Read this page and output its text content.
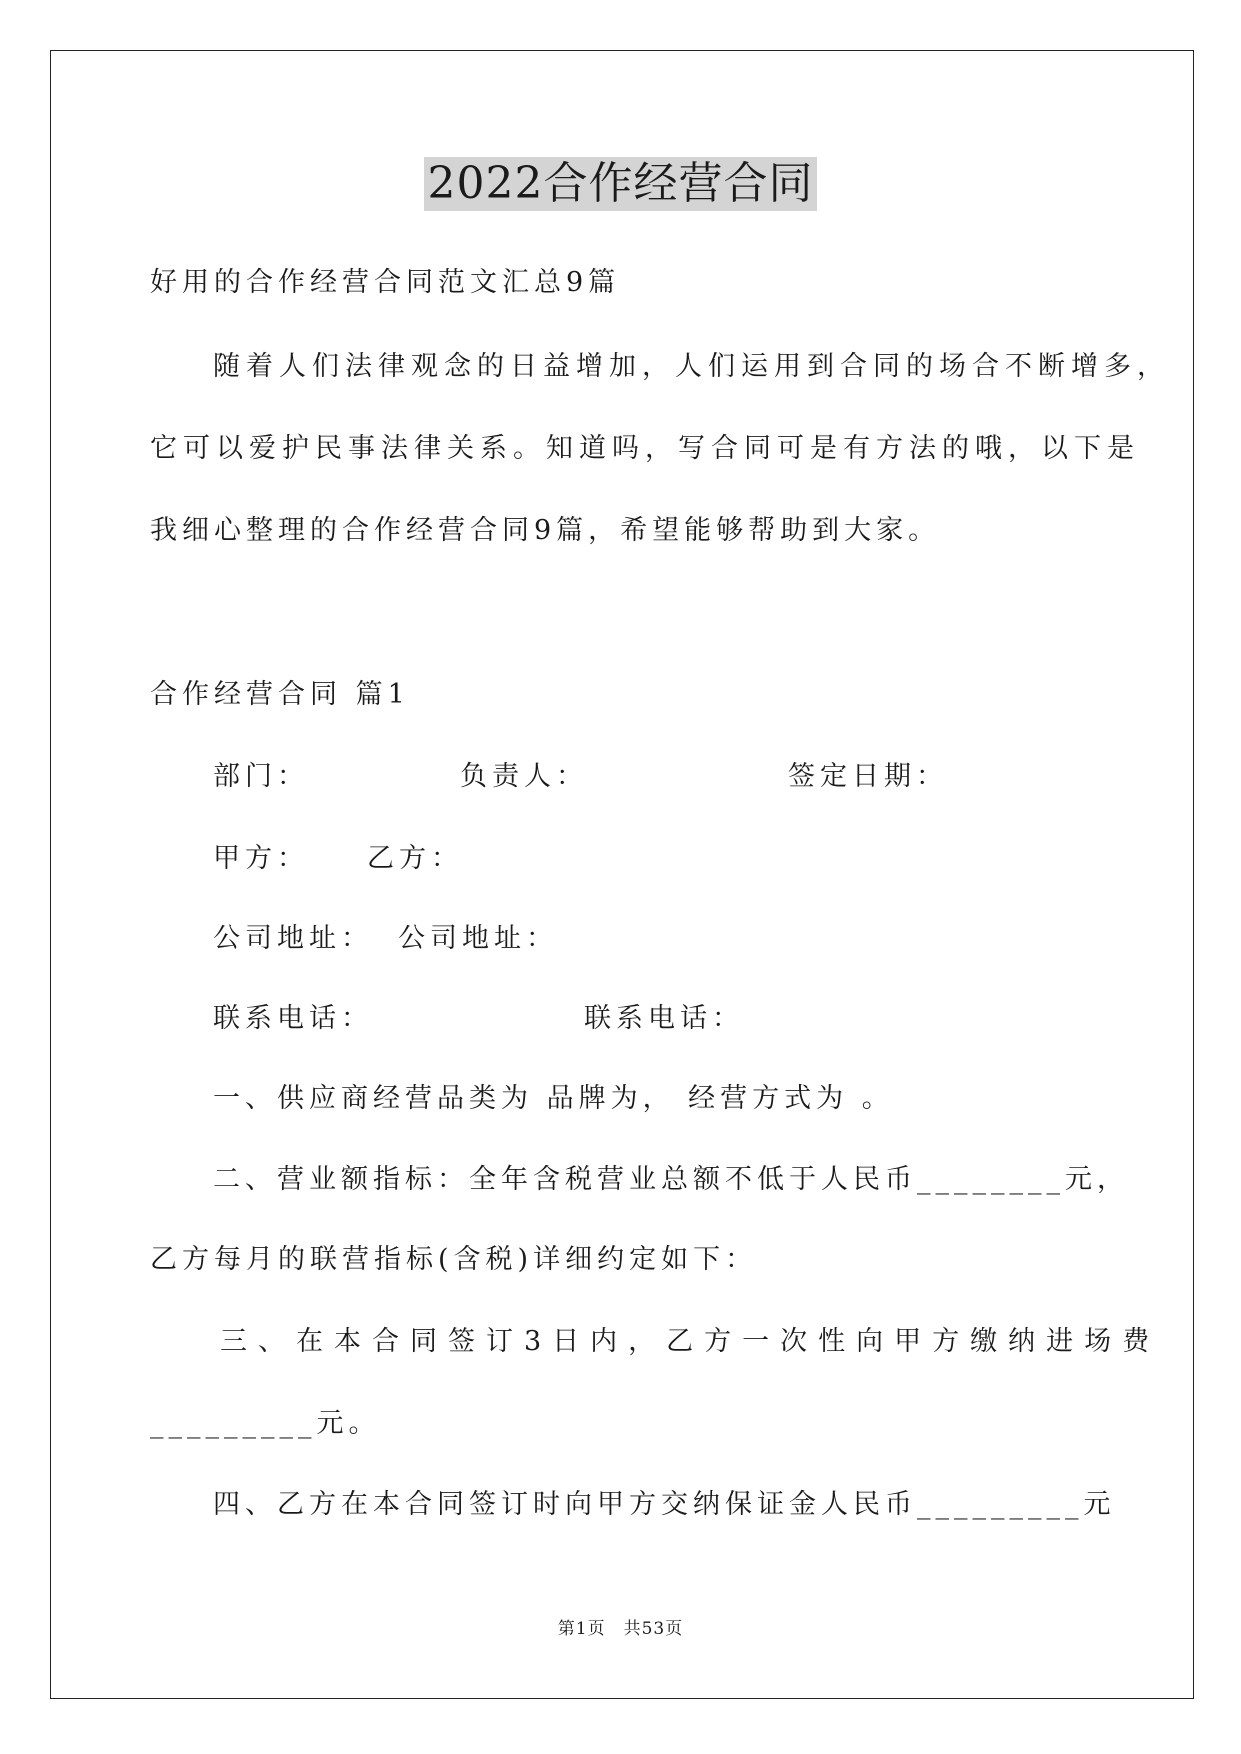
2022合作经营合同
好用的合作经营合同范文汇总9篇
随着人们法律观念的日益增加，人们运用到合同的场合不断增多，
它可以爱护民事法律关系。知道吗，写合同可是有方法的哦，以下是
我细心整理的合作经营合同9篇，希望能够帮助到大家。
合作经营合同 篇1
部门：	负责人：	签定日期：
甲方： 乙方：
公司地址： 公司地址：
联系电话：	联系电话：
一、供应商经营品类为 品牌为， 经营方式为 。
二、营业额指标：全年含税营业总额不低于人民币________元，
乙方每月的联营指标(含税)详细约定如下：
三、在本合同签订3日内，乙方一次性向甲方缴纳进场费
_________元。
四、乙方在本合同签订时向甲方交纳保证金人民币_________元
第1页 共53页
